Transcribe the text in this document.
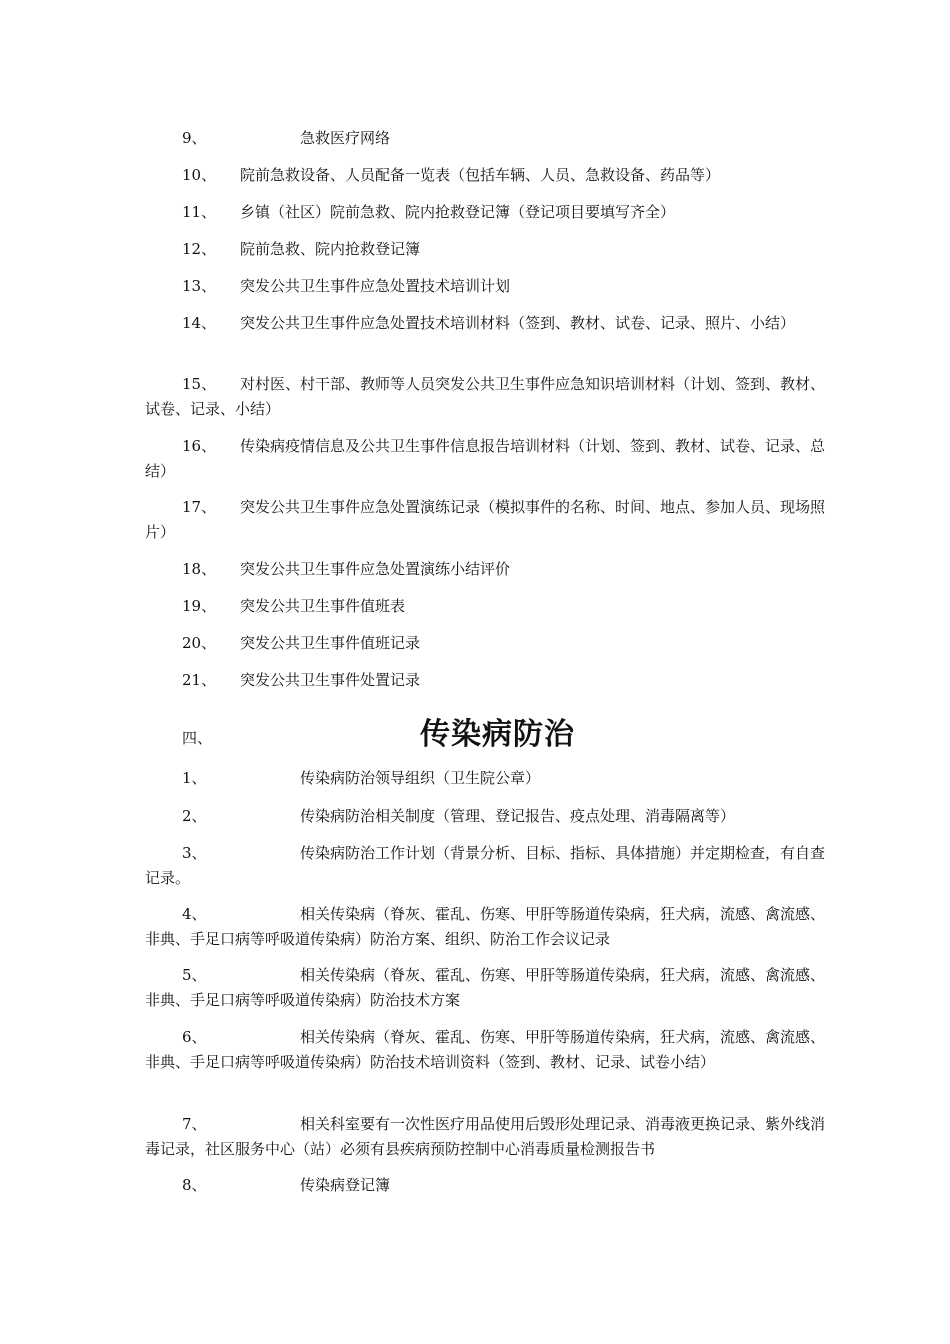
9、	急救医疗网络
10、 院前急救设备、人员配备一览表（包括车辆、人员、急救设备、药品等）
11、 乡镇（社区）院前急救、院内抢救登记簿（登记项目要填写齐全）
12、 院前急救、院内抢救登记簿
13、 突发公共卫生事件应急处置技术培训计划
14、 突发公共卫生事件应急处置技术培训材料（签到、教材、试卷、记录、照片、小结）
15、 对村医、村干部、教师等人员突发公共卫生事件应急知识培训材料（计划、签到、教材、试卷、记录、小结）
16、 传染病疫情信息及公共卫生事件信息报告培训材料（计划、签到、教材、试卷、记录、总结）
17、 突发公共卫生事件应急处置演练记录（模拟事件的名称、时间、地点、参加人员、现场照片）
18、 突发公共卫生事件应急处置演练小结评价
19、 突发公共卫生事件值班表
20、 突发公共卫生事件值班记录
21、 突发公共卫生事件处置记录
四、	传染病防治
1、	传染病防治领导组织（卫生院公章）
2、	传染病防治相关制度（管理、登记报告、疫点处理、消毒隔离等）
3、	传染病防治工作计划（背景分析、目标、指标、具体措施）并定期检查，有自查记录。
4、	相关传染病（脊灰、霍乱、伤寒、甲肝等肠道传染病，狂犬病，流感、禽流感、非典、手足口病等呼吸道传染病）防治方案、组织、防治工作会议记录
5、	相关传染病（脊灰、霍乱、伤寒、甲肝等肠道传染病，狂犬病，流感、禽流感、非典、手足口病等呼吸道传染病）防治技术方案
6、	相关传染病（脊灰、霍乱、伤寒、甲肝等肠道传染病，狂犬病，流感、禽流感、非典、手足口病等呼吸道传染病）防治技术培训资料（签到、教材、记录、试卷小结）
7、	相关科室要有一次性医疗用品使用后毁形处理记录、消毒液更换记录、紫外线消毒记录，社区服务中心（站）必须有县疾病预防控制中心消毒质量检测报告书
8、	传染病登记簿
